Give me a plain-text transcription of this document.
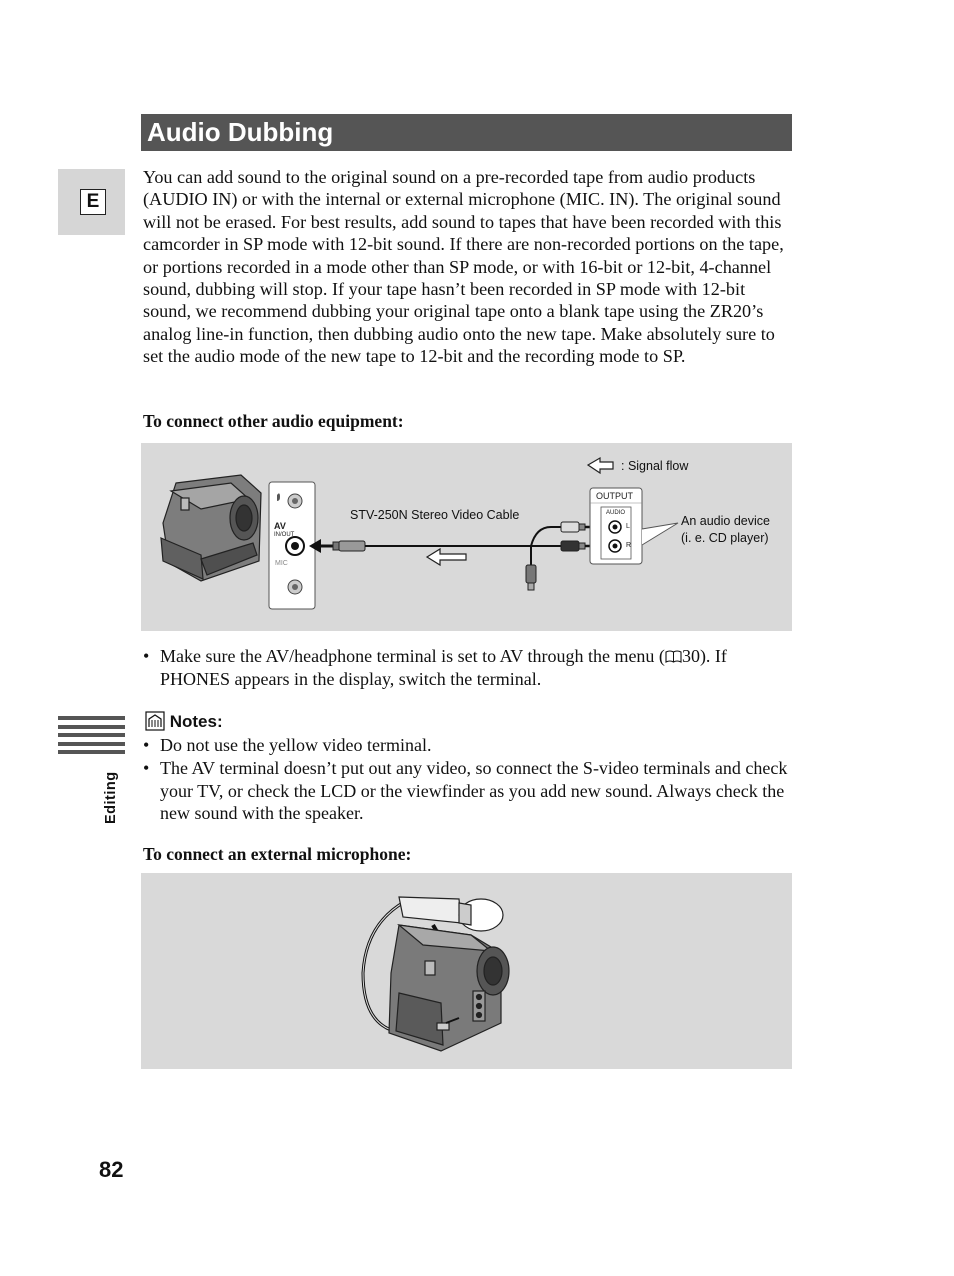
Audio Dubbing
E
You can add sound to the original sound on a pre-recorded tape from audio products (AUDIO IN) or with the internal or external microphone (MIC. IN). The original sound will not be erased. For best results, add sound to tapes that have been recorded with this camcorder in SP mode with 12-bit sound. If there are non-recorded portions on the tape, or portions recorded in a mode other than SP mode, or with 16-bit or 12-bit, 4-channel sound, dubbing will stop. If your tape hasn’t been recorded in SP mode with 12-bit sound, we recommend dubbing your original tape onto a blank tape using the ZR20’s analog line-in function, then dubbing audio onto the new tape. Make absolutely sure to set the audio mode of the new tape to 12-bit and the recording mode to SP.
To connect other audio equipment:
: Signal flow
STV-250N Stereo Video Cable
OUTPUT
AUDIO
L
R
An audio device
(i. e. CD player)
AV
IN/OUT
MIC
• Make sure the AV/headphone terminal is set to AV through the menu ( 30). If PHONES appears in the display, switch the terminal.
Editing
Notes:
• Do not use the yellow video terminal.
• The AV terminal doesn’t put out any video, so connect the S-video terminals and check your TV, or check the LCD or the viewfinder as you add new sound. Always check the new sound with the speaker.
To connect an external microphone:
82
